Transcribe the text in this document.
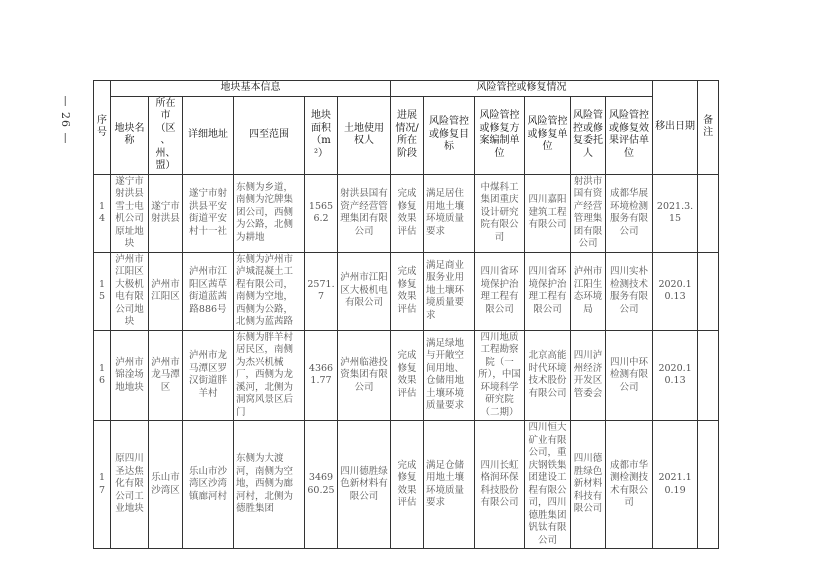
— 26 —	序号	地块基本信息						风险管控或修复情况						移出日期	备注
	地块名称	所在市（区、州、盟）	详细地址	四至范围	地块面积（m²）	土地使用权人	进展情况/所在阶段	风险管控或修复目标	风险管控或修复方案编制单位	风险管控或修复单位	风险管控或修复委托人	风险管控或修复效果评估单位		
14	遂宁市射洪县雪士电机公司原址地块	遂宁市射洪县	遂宁市射洪县平安街道平安村十一社	东侧为乡道，南侧为沱牌集团公司，西侧为公路，北侧为耕地	15656.2	射洪县国有资产经营管理集团有限公司	完成修复效果评估	满足居住用地土壤环境质量要求	中煤科工集团重庆设计研究院有限公司	四川嘉阳建筑工程有限公司	射洪市国有资产经营管理集团有限公司	成都华展环境检测服务有限公司	2021.3.15	
15	泸州市江阳区大极机电有限公司地块	泸州市江阳区	泸州市江阳区茜草街道蓝茜路886号	东侧为泸州市泸城混凝土工程有限公司，南侧为空地，西侧为公路，北侧为蓝茜路	2571.7	泸州市江阳区大极机电有限公司	完成修复效果评估	满足商业服务业用地土壤环境质量要求	四川省环境保护治理工程有限公司	四川省环境保护治理工程有限公司	泸州市江阳生态环境局	四川实朴检测技术服务有限公司	2020.10.13	
16	泸州市锦淦场地地块	泸州市龙马潭区	泸州市龙马潭区罗汉街道胖羊村	东侧为胖羊村居民区，南侧为杰兴机械厂，西侧为龙溪河，北侧为洞窝风景区后门	43661.77	泸州临港投资集团有限公司	完成修复效果评估	满足绿地与开敞空间用地、仓储用地土壤环境质量要求	四川地质工程勘察院（一所），中国环境科学研究院（二期）	北京高能时代环境技术股份有限公司	四川泸州经济开发区管委会	四川中环检测有限公司	2020.10.13	
17	原四川圣达焦化有限公司工业地块	乐山市沙湾区	乐山市沙湾区沙湾镇廊河村	东侧为大渡河，南侧为空地，西侧为廊河村，北侧为德胜集团	346960.25	四川德胜绿色新材料有限公司	完成修复效果评估	满足仓储用地土壤环境质量要求	四川长虹格润环保科技股份有限公司	四川恒大矿业有限公司，重庆钢铁集团建设工程有限公司，四川德胜集团钒钛有限公司	四川德胜绿色新材料科技有限公司	成都市华测检测技术有限公司	2021.10.19	
